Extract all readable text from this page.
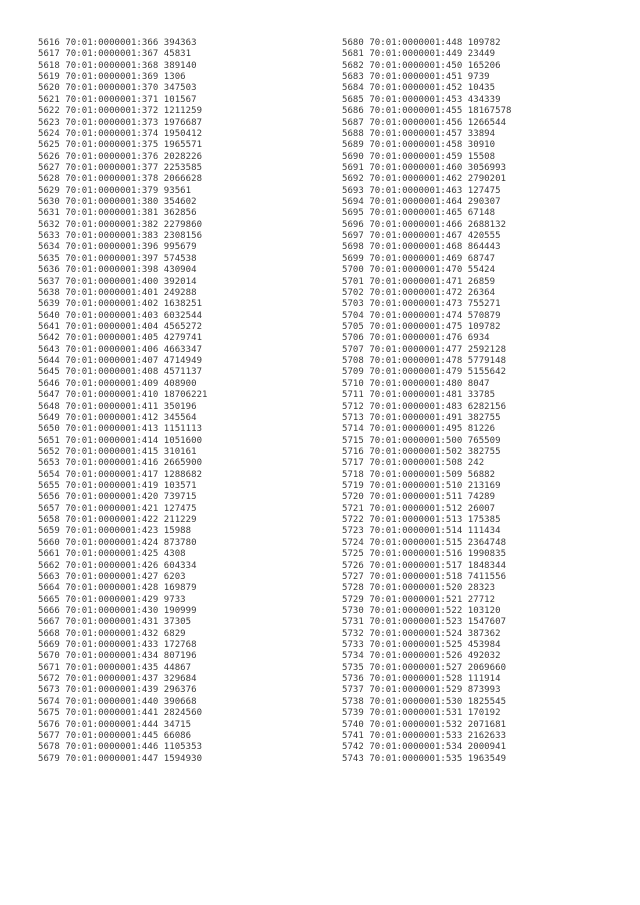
5616 70:01:0000001:366 394363
5617 70:01:0000001:367 45831
5618 70:01:0000001:368 389140
5619 70:01:0000001:369 1306
5620 70:01:0000001:370 347503
5621 70:01:0000001:371 101567
5622 70:01:0000001:372 1211259
5623 70:01:0000001:373 1976687
5624 70:01:0000001:374 1950412
5625 70:01:0000001:375 1965571
5626 70:01:0000001:376 2028226
5627 70:01:0000001:377 2253585
5628 70:01:0000001:378 2066628
5629 70:01:0000001:379 93561
5630 70:01:0000001:380 354602
5631 70:01:0000001:381 362856
5632 70:01:0000001:382 2279860
5633 70:01:0000001:383 2308156
5634 70:01:0000001:396 995679
5635 70:01:0000001:397 574538
5636 70:01:0000001:398 430904
5637 70:01:0000001:400 392014
5638 70:01:0000001:401 249288
5639 70:01:0000001:402 1638251
5640 70:01:0000001:403 6032544
5641 70:01:0000001:404 4565272
5642 70:01:0000001:405 4279741
5643 70:01:0000001:406 4663347
5644 70:01:0000001:407 4714949
5645 70:01:0000001:408 4571137
5646 70:01:0000001:409 408900
5647 70:01:0000001:410 18706221
5648 70:01:0000001:411 350196
5649 70:01:0000001:412 345564
5650 70:01:0000001:413 1151113
5651 70:01:0000001:414 1051600
5652 70:01:0000001:415 310161
5653 70:01:0000001:416 2665900
5654 70:01:0000001:417 1288682
5655 70:01:0000001:419 103571
5656 70:01:0000001:420 739715
5657 70:01:0000001:421 127475
5658 70:01:0000001:422 211229
5659 70:01:0000001:423 15988
5660 70:01:0000001:424 873780
5661 70:01:0000001:425 4308
5662 70:01:0000001:426 604334
5663 70:01:0000001:427 6203
5664 70:01:0000001:428 169879
5665 70:01:0000001:429 9733
5666 70:01:0000001:430 190999
5667 70:01:0000001:431 37305
5668 70:01:0000001:432 6829
5669 70:01:0000001:433 172768
5670 70:01:0000001:434 807196
5671 70:01:0000001:435 44867
5672 70:01:0000001:437 329684
5673 70:01:0000001:439 296376
5674 70:01:0000001:440 390668
5675 70:01:0000001:441 2824560
5676 70:01:0000001:444 34715
5677 70:01:0000001:445 66086
5678 70:01:0000001:446 1105353
5679 70:01:0000001:447 1594930
5680 70:01:0000001:448 109782
5681 70:01:0000001:449 23449
5682 70:01:0000001:450 165206
5683 70:01:0000001:451 9739
5684 70:01:0000001:452 10435
5685 70:01:0000001:453 434339
5686 70:01:0000001:455 18167578
5687 70:01:0000001:456 1266544
5688 70:01:0000001:457 33894
5689 70:01:0000001:458 30910
5690 70:01:0000001:459 15508
5691 70:01:0000001:460 3056993
5692 70:01:0000001:462 2790201
5693 70:01:0000001:463 127475
5694 70:01:0000001:464 290307
5695 70:01:0000001:465 67148
5696 70:01:0000001:466 2688132
5697 70:01:0000001:467 420555
5698 70:01:0000001:468 864443
5699 70:01:0000001:469 68747
5700 70:01:0000001:470 55424
5701 70:01:0000001:471 26859
5702 70:01:0000001:472 26364
5703 70:01:0000001:473 755271
5704 70:01:0000001:474 570879
5705 70:01:0000001:475 109782
5706 70:01:0000001:476 6934
5707 70:01:0000001:477 2592128
5708 70:01:0000001:478 5779148
5709 70:01:0000001:479 5155642
5710 70:01:0000001:480 8047
5711 70:01:0000001:481 33785
5712 70:01:0000001:483 6282156
5713 70:01:0000001:491 382755
5714 70:01:0000001:495 81226
5715 70:01:0000001:500 765509
5716 70:01:0000001:502 382755
5717 70:01:0000001:508 242
5718 70:01:0000001:509 56882
5719 70:01:0000001:510 213169
5720 70:01:0000001:511 74289
5721 70:01:0000001:512 26007
5722 70:01:0000001:513 175385
5723 70:01:0000001:514 111434
5724 70:01:0000001:515 2364748
5725 70:01:0000001:516 1990835
5726 70:01:0000001:517 1848344
5727 70:01:0000001:518 7411556
5728 70:01:0000001:520 28323
5729 70:01:0000001:521 27712
5730 70:01:0000001:522 103120
5731 70:01:0000001:523 1547607
5732 70:01:0000001:524 387362
5733 70:01:0000001:525 453984
5734 70:01:0000001:526 492032
5735 70:01:0000001:527 2069660
5736 70:01:0000001:528 111914
5737 70:01:0000001:529 873993
5738 70:01:0000001:530 1825545
5739 70:01:0000001:531 170192
5740 70:01:0000001:532 2071681
5741 70:01:0000001:533 2162633
5742 70:01:0000001:534 2000941
5743 70:01:0000001:535 1963549
